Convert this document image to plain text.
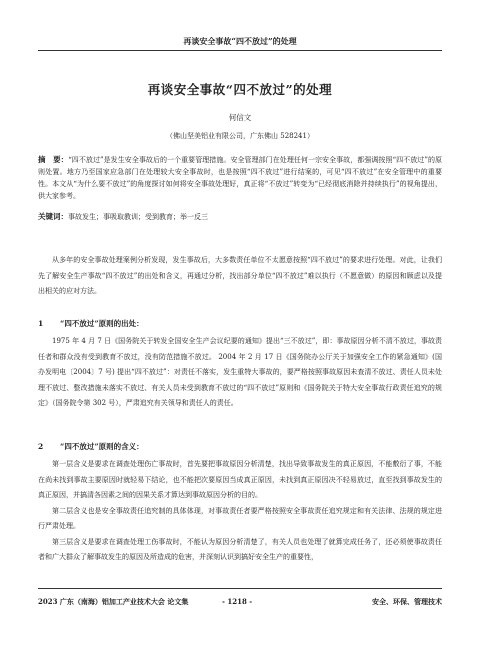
再谈安全事故“四不放过”的处理
再谈安全事故“四不放过”的处理
何信文
（佛山坚美铝业有限公司，广东佛山 528241）
摘　要：“四不放过”是发生安全事故后的一个重要管理措施。安全管理部门在处理任何一宗安全事故，都强调按照“四不放过”的原则处置。地方乃至国家应急部门在处理较大安全事故时，也是按照“四不放过”进行结案的，可见“四不放过”在安全管理中的重要性。本文从“为什么要不放过”的角度探讨如何将安全事故处理好，真正将“不放过”转变为“已经彻底消除并持续执行”的视角提出，供大家参考。
关键词：事故发生；事吸取教训；受到教育；举一反三

从多年的安全事故处理案例分析发现，发生事故后，大多数责任单位不太愿意按照“四不放过”的要求进行处理。对此，让我们先了解安全生产事故“四不放过”的出处和含义，再通过分析，找出部分单位“四不放过”难以执行（不愿意做）的原因和顾虑以及提出相关的应对方法。

1 “四不放过”原则的出处：

1975 年 4 月 7 日《国务院关于转发全国安全生产会议纪要的通知》提出“三不放过”，即：事故原因分析不清不放过，事故责任者和群众没有受到教育不放过，没有防范措施不放过。 2004 年 2 月 17 日《国务院办公厅关于加强安全工作的紧急通知》(国办发明电〔2004〕7 号) 提出“四不放过”：对责任不落实，发生重特大事故的，要严格按照事故原因未查清不放过、责任人员未处理不放过、整改措施未落实不放过、有关人员未受到教育不放过的“四不放过”原则和《国务院关于特大安全事故行政责任追究的规定》（国务院令第 302 号），严肃追究有关领导和责任人的责任。

2 “四不放过”原则的含义：

第一层含义是要求在调查处理伤亡事故时，首先要把事故原因分析清楚，找出导致事故发生的真正原因，不能敷衍了事，不能在尚未找到事故主要原因时就轻易下结论，也不能把次要原因当成真正原因，未找到真正原因决不轻易放过，直至找到事故发生的真正原因，并搞清各因素之间的因果关系才算达到事故原因分析的目的。

第二层含义也是安全事故责任追究制的具体体现，对事故责任者要严格按照安全事故责任追究规定和有关法律、法规的规定进行严肃处理。

第三层含义是要求在调查处理工伤事故时，不能认为原因分析清楚了，有关人员也处理了就算完成任务了，还必须使事故责任者和广大群众了解事故发生的原因及所造成的危害，并深刻认识到搞好安全生产的重要性，

2023 广东（南海）铝加工产业技术大会 论文集	- 1218 -	安全、环保、管理技术
